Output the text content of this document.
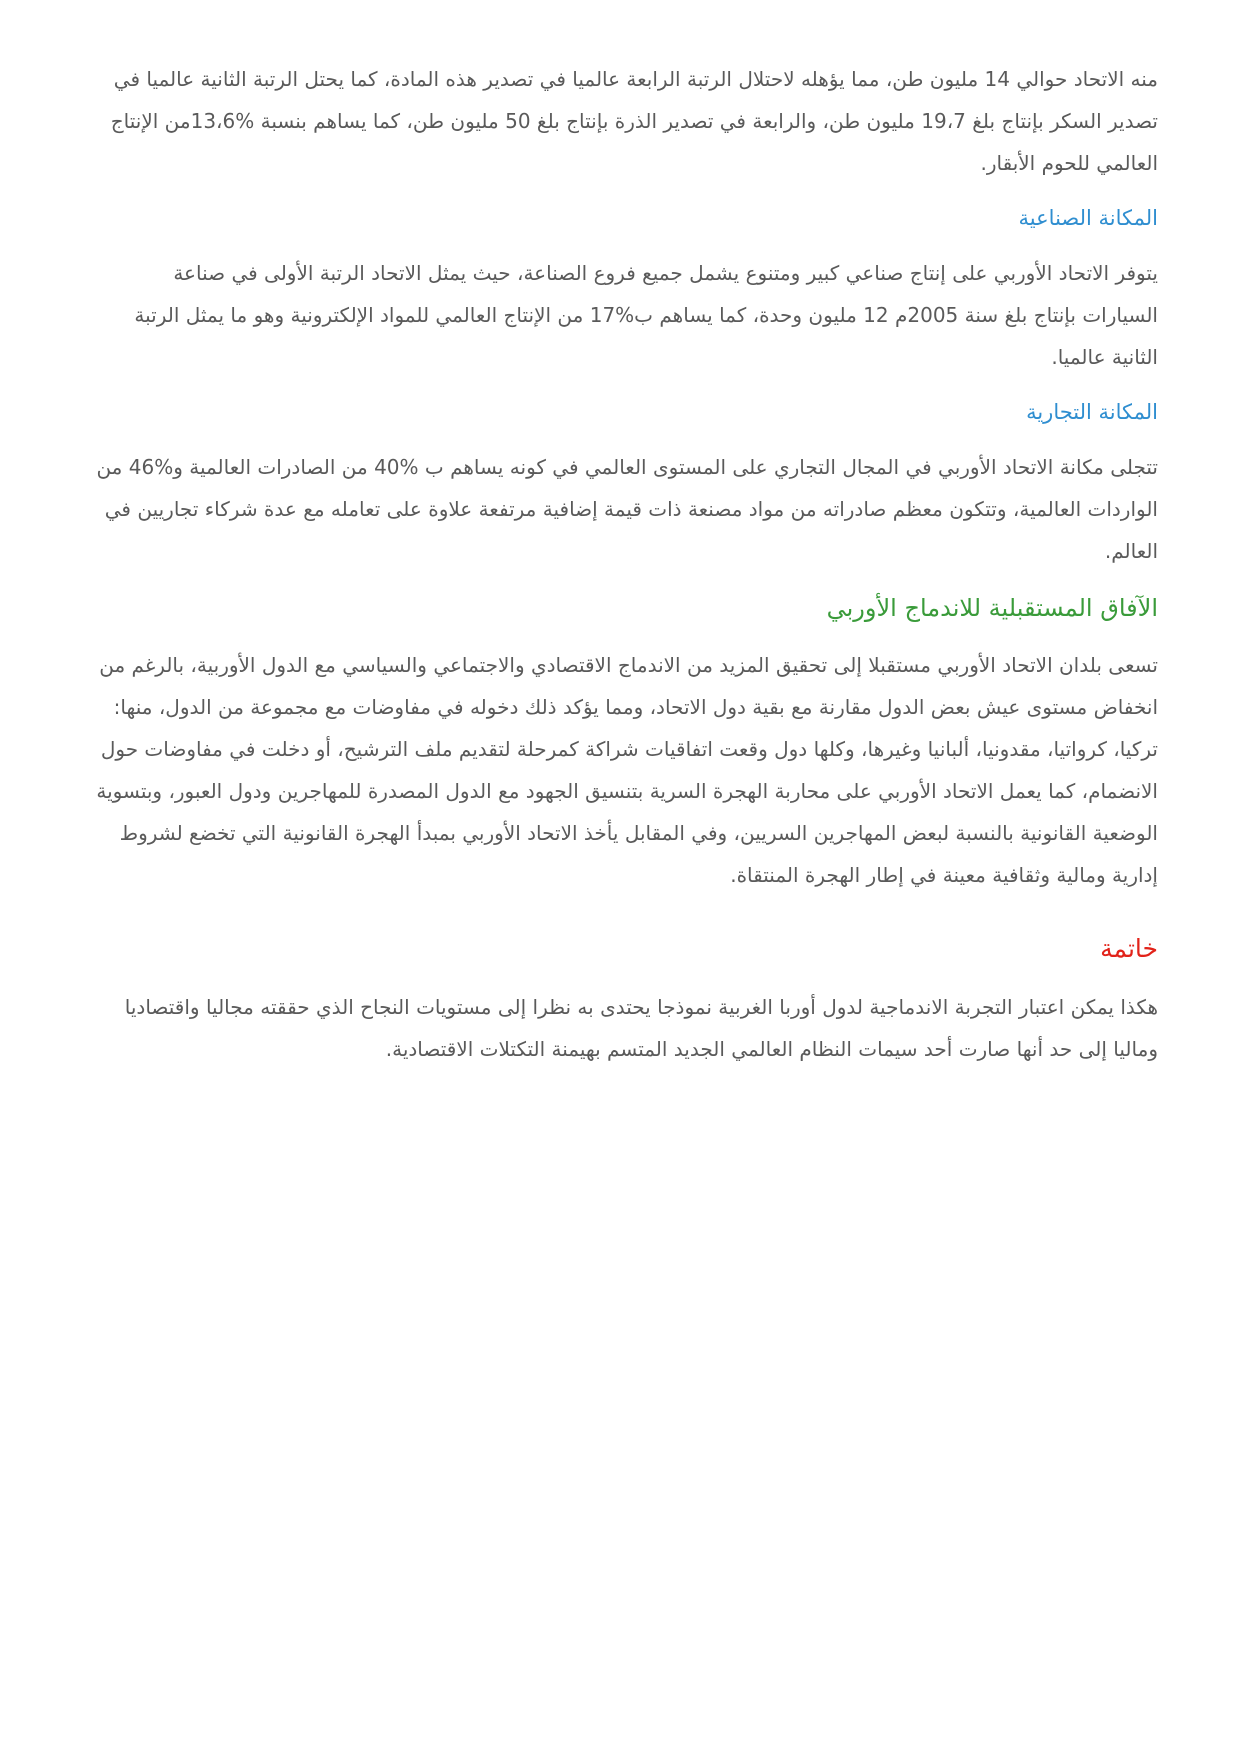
منه الاتحاد حوالي 14 مليون طن، مما يؤهله لاحتلال الرتبة الرابعة عالميا في تصدير هذه المادة، كما يحتل الرتبة الثانية عالميا في
تصدير السكر بإنتاج بلغ 19،7 مليون طن، والرابعة في تصدير الذرة بإنتاج بلغ 50 مليون طن، كما يساهم بنسبة %13،6من الإنتاج
العالمي للحوم الأبقار.

المكانة الصناعية

يتوفر الاتحاد الأوربي على إنتاج صناعي كبير ومتنوع يشمل جميع فروع الصناعة، حيث يمثل الاتحاد الرتبة الأولى في صناعة
السيارات بإنتاج بلغ سنة 2005م 12 مليون وحدة، كما يساهم ب%17 من الإنتاج العالمي للمواد الإلكترونية وهو ما يمثل الرتبة
الثانية عالميا.

المكانة التجارية

تتجلى مكانة الاتحاد الأوربي في المجال التجاري على المستوى العالمي في كونه يساهم ب %40 من الصادرات العالمية و%46 من
الواردات العالمية، وتتكون معظم صادراته من مواد مصنعة ذات قيمة إضافية مرتفعة علاوة على تعامله مع عدة شركاء تجاريين في
العالم.

الآفاق المستقبلية للاندماج الأوربي

تسعى بلدان الاتحاد الأوربي مستقبلا إلى تحقيق المزيد من الاندماج الاقتصادي والاجتماعي والسياسي مع الدول الأوربية، بالرغم من
انخفاض مستوى عيش بعض الدول مقارنة مع بقية دول الاتحاد، ومما يؤكد ذلك دخوله في مفاوضات مع مجموعة من الدول، منها:
تركيا، كرواتيا، مقدونيا، ألبانيا وغيرها، وكلها دول وقعت اتفاقيات شراكة كمرحلة لتقديم ملف الترشيح، أو دخلت في مفاوضات حول
الانضمام، كما يعمل الاتحاد الأوربي على محاربة الهجرة السرية بتنسيق الجهود مع الدول المصدرة للمهاجرين ودول العبور، وبتسوية
الوضعية القانونية بالنسبة لبعض المهاجرين السريين، وفي المقابل يأخذ الاتحاد الأوربي بمبدأ الهجرة القانونية التي تخضع لشروط
إدارية ومالية وثقافية معينة في إطار الهجرة المنتقاة.

خاتمة

هكذا يمكن اعتبار التجربة الاندماجية لدول أوربا الغربية نموذجا يحتدى به نظرا إلى مستويات النجاح الذي حققته مجاليا واقتصاديا
وماليا إلى حد أنها صارت أحد سيمات النظام العالمي الجديد المتسم بهيمنة التكتلات الاقتصادية.
